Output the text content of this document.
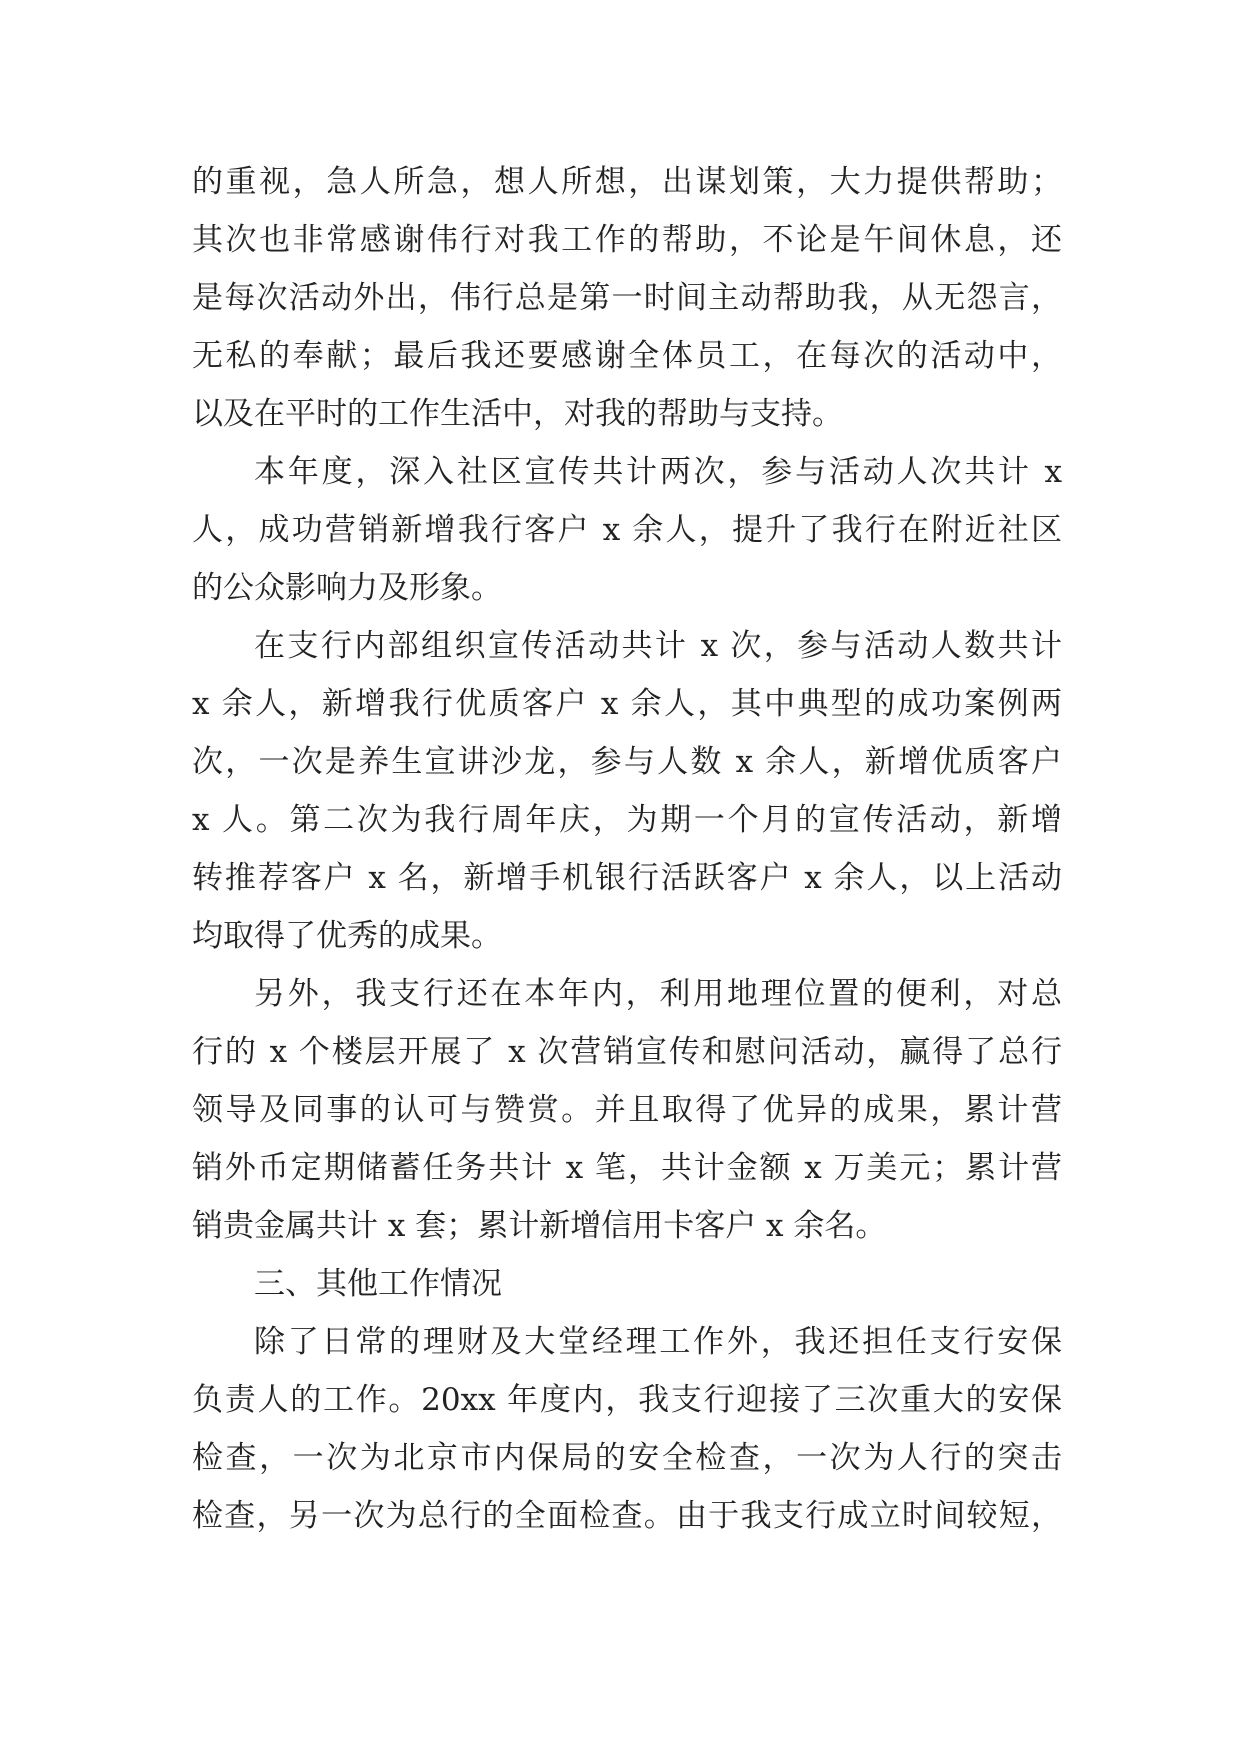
的重视，急人所急，想人所想，出谋划策，大力提供帮助；
其次也非常感谢伟行对我工作的帮助，不论是午间休息，还
是每次活动外出，伟行总是第一时间主动帮助我，从无怨言，
无私的奉献；最后我还要感谢全体员工，在每次的活动中，
以及在平时的工作生活中，对我的帮助与支持。
本年度，深入社区宣传共计两次，参与活动人次共计 x
人，成功营销新增我行客户 x 余人，提升了我行在附近社区
的公众影响力及形象。
在支行内部组织宣传活动共计 x 次，参与活动人数共计
x 余人，新增我行优质客户 x 余人，其中典型的成功案例两
次，一次是养生宣讲沙龙，参与人数 x 余人，新增优质客户
x 人。第二次为我行周年庆，为期一个月的宣传活动，新增
转推荐客户 x 名，新增手机银行活跃客户 x 余人，以上活动
均取得了优秀的成果。
另外，我支行还在本年内，利用地理位置的便利，对总
行的 x 个楼层开展了 x 次营销宣传和慰问活动，赢得了总行
领导及同事的认可与赞赏。并且取得了优异的成果，累计营
销外币定期储蓄任务共计 x 笔，共计金额 x 万美元；累计营
销贵金属共计 x 套；累计新增信用卡客户 x 余名。
三、其他工作情况
除了日常的理财及大堂经理工作外，我还担任支行安保
负责人的工作。20xx 年度内，我支行迎接了三次重大的安保
检查，一次为北京市内保局的安全检查，一次为人行的突击
检查，另一次为总行的全面检查。由于我支行成立时间较短，
